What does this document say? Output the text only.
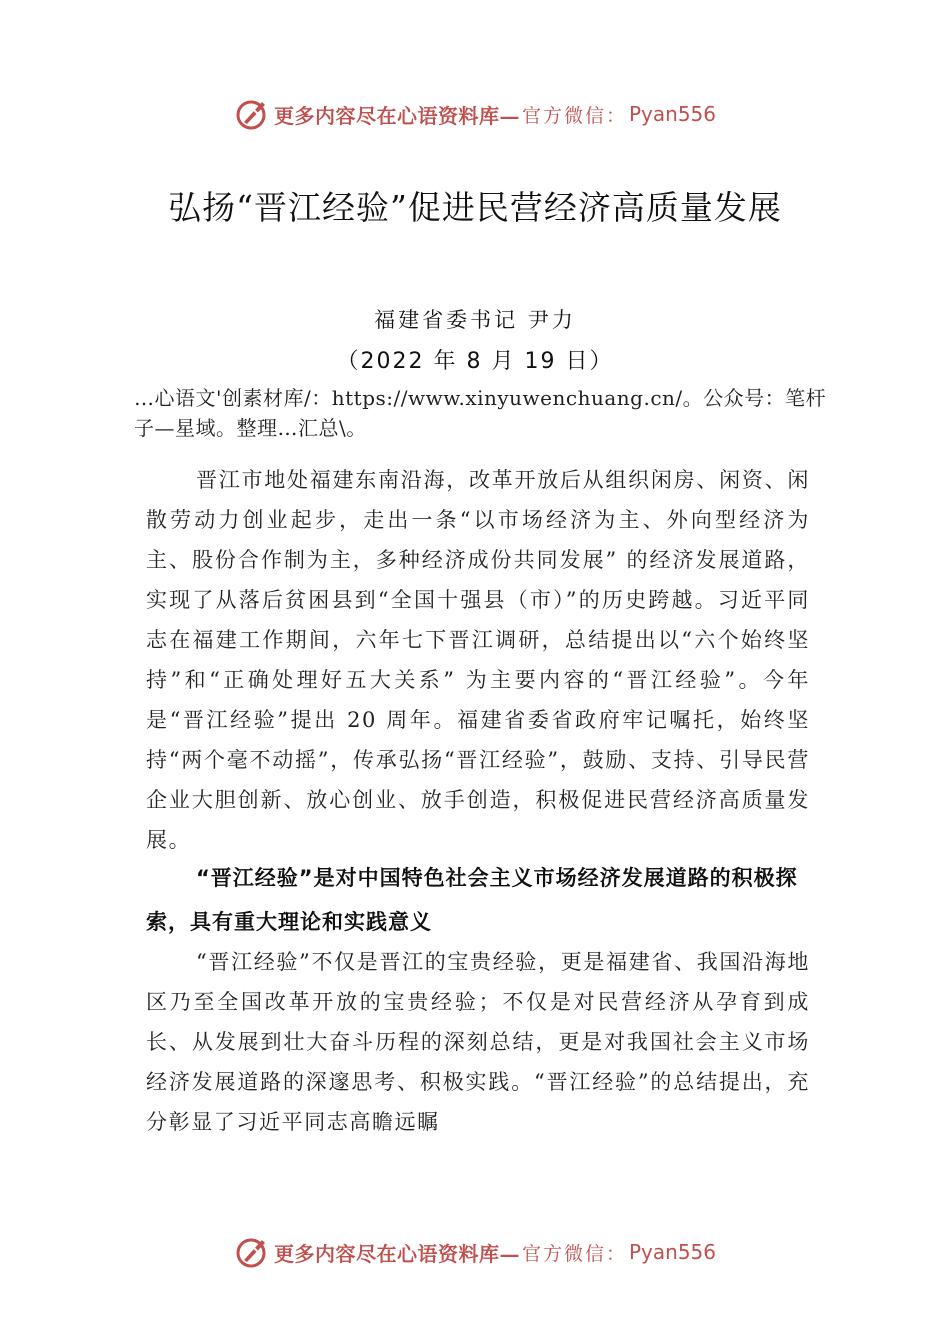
更多内容尽在心语资料库— 官方微信： Pyan556
弘扬“晋江经验”促进民营经济高质量发展
福建省委书记 尹力
（2022 年 8 月 19 日）
…心语文'创素材库/：https://www.xinyuwenchuang.cn/。公众号：笔杆子—星域。整理…汇总\。

晋江市地处福建东南沿海，改革开放后从组织闲房、闲资、闲散劳动力创业起步，走出一条“以市场经济为主、外向型经济为主、股份合作制为主，多种经济成份共同发展” 的经济发展道路，实现了从落后贫困县到“全国十强县（市）”的历史跨越。习近平同志在福建工作期间，六年七下晋江调研，总结提出以“六个始终坚持”和“正确处理好五大关系” 为主要内容的“晋江经验”。今年是“晋江经验”提出 20 周年。福建省委省政府牢记嘱托，始终坚持“两个毫不动摇”，传承弘扬“晋江经验”，鼓励、支持、引导民营企业大胆创新、放心创业、放手创造，积极促进民营经济高质量发展。

“晋江经验”是对中国特色社会主义市场经济发展道路的积极探索，具有重大理论和实践意义

“晋江经验”不仅是晋江的宝贵经验，更是福建省、我国沿海地区乃至全国改革开放的宝贵经验；不仅是对民营经济从孕育到成长、从发展到壮大奋斗历程的深刻总结，更是对我国社会主义市场经济发展道路的深邃思考、积极实践。“晋江经验”的总结提出，充分彰显了习近平同志高瞻远瞩

更多内容尽在心语资料库— 官方微信： Pyan556
